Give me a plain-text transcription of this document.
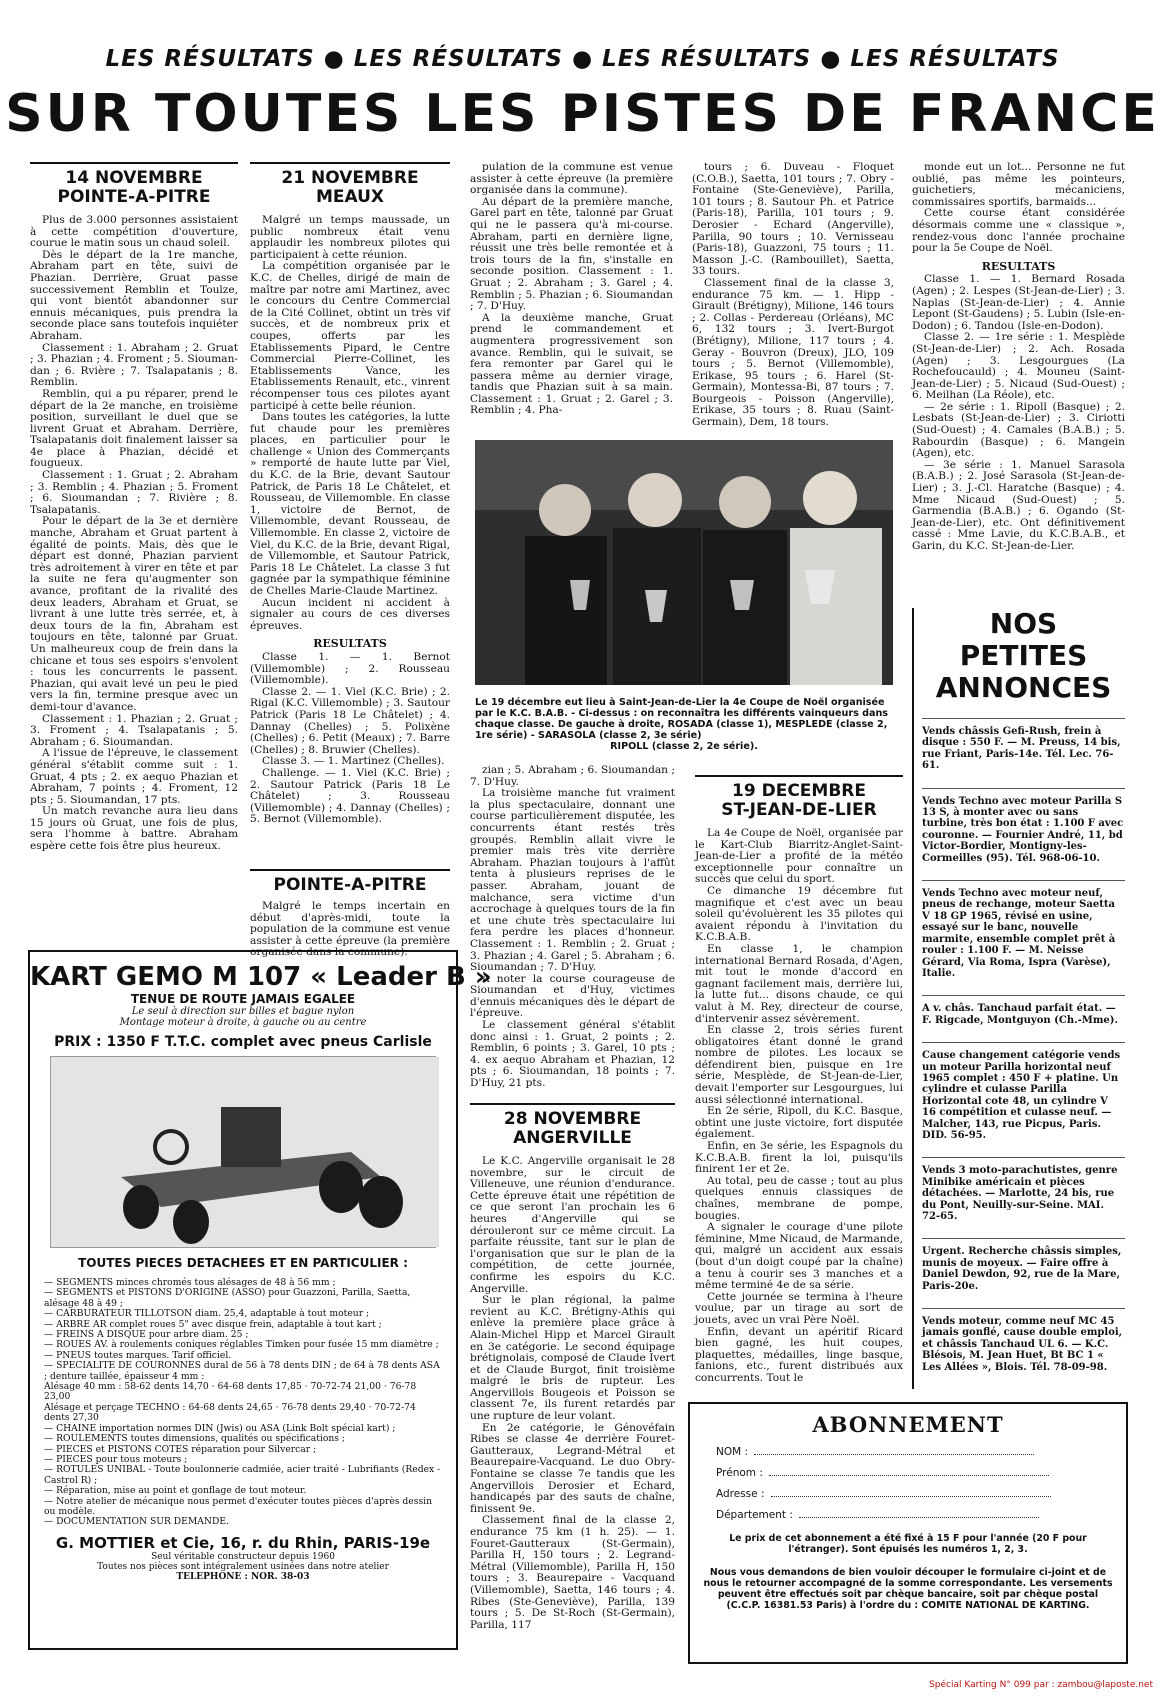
LES RÉSULTATS ● LES RÉSULTATS ● LES RÉSULTATS ● LES RÉSULTATS
SUR TOUTES LES PISTES DE FRANCE
14 NOVEMBRE
POINTE-A-PITRE

Plus de 3.000 personnes assistaient à cette compétition d'ouverture, courue le matin sous un chaud soleil.

Dès le départ de la 1re manche, Abraham part en tête, suivi de Phazian. Derrière, Gruat passe successivement Remblin et Toulze, qui vont bientôt abandonner sur ennuis mécaniques, puis prendra la seconde place sans toutefois inquiéter Abraham.

Classement : 1. Abraham ; 2. Gruat ; 3. Phazian ; 4. Froment ; 5. Sioumandan ; 6. Rvière ; 7. Tsalapatanis ; 8. Remblin.

Remblin, qui a pu réparer, prend le départ de la 2e manche, en troisième position, surveillant le duel que se livrent Gruat et Abraham. Derrière, Tsalapatanis doit finalement laisser sa 4e place à Phazian, décidé et fougueux.

Classement : 1. Gruat ; 2. Abraham ; 3. Remblin ; 4. Phazian ; 5. Froment ; 6. Sioumandan ; 7. Rivière ; 8. Tsalapatanis.

Pour le départ de la 3e et dernière manche, Abraham et Gruat partent à égalité de points. Mais, dès que le départ est donné, Phazian parvient très adroitement à virer en tête et par la suite ne fera qu'augmenter son avance, profitant de la rivalité des deux leaders, Abraham et Gruat, se livrant à une lutte très serrée, et, à deux tours de la fin, Abraham est toujours en tête, talonné par Gruat. Un malheureux coup de frein dans la chicane et tous ses espoirs s'envolent : tous les concurrents le passent. Phazian, qui avait levé un peu le pied vers la fin, termine presque avec un demi-tour d'avance.

Classement : 1. Phazian ; 2. Gruat ; 3. Froment ; 4. Tsalapatanis ; 5. Abraham ; 6. Sioumandan.

A l'issue de l'épreuve, le classement général s'établit comme suit : 1. Gruat, 4 pts ; 2. ex aequo Phazian et Abraham, 7 points ; 4. Froment, 12 pts ; 5. Sioumandan, 17 pts.

Un match revanche aura lieu dans 15 jours où Gruat, une fois de plus, sera l'homme à battre. Abraham espère cette fois être plus heureux.

21 NOVEMBRE
MEAUX

Malgré un temps maussade, un public nombreux était venu applaudir les nombreux pilotes qui participaient à cette réunion.

La compétition organisée par le K.C. de Chelles, dirigé de main de maître par notre ami Martinez, avec le concours du Centre Commercial de la Cité Collinet, obtint un très vif succès, et de nombreux prix et coupes, offerts par les Etablissements Pipard, le Centre Commercial Pierre-Collinet, les Etablissements Vance, les Etablissements Renault, etc., vinrent récompenser tous ces pilotes ayant participé à cette belle réunion.

Dans toutes les catégories, la lutte fut chaude pour les premières places, en particulier pour le challenge « Union des Commerçants » remporté de haute lutte par Viel, du K.C. de la Brie, devant Sautour Patrick, de Paris 18 Le Châtelet, et Rousseau, de Villemomble. En classe 1, victoire de Bernot, de Villemomble, devant Rousseau, de Villemomble. En classe 2, victoire de Viel, du K.C. de la Brie, devant Rigal, de Villemomble, et Sautour Patrick, Paris 18 Le Châtelet. La classe 3 fut gagnée par la sympathique féminine de Chelles Marie-Claude Martinez.

Aucun incident ni accident à signaler au cours de ces diverses épreuves.

RESULTATS

Classe 1. — 1. Bernot (Villemomble) ; 2. Rousseau (Villemomble).

Classe 2. — 1. Viel (K.C. Brie) ; 2. Rigal (K.C. Villemomble) ; 3. Sautour Patrick (Paris 18 Le Châtelet) ; 4. Dannay (Chelles) ; 5. Polixène (Chelles) ; 6. Petit (Meaux) ; 7. Barre (Chelles) ; 8. Bruwier (Chelles).

Classe 3. — 1. Martinez (Chelles).

Challenge. — 1. Viel (K.C. Brie) ; 2. Sautour Patrick (Paris 18 Le Châtelet) ; 3. Rousseau (Villemomble) ; 4. Dannay (Chelles) ; 5. Bernot (Villemomble).

POINTE-A-PITRE

Malgré le temps incertain en début d'après-midi, toute la population de la commune est venue assister à cette épreuve (la première organisée dans la commune).

pulation de la commune est venue assister à cette épreuve (la première organisée dans la commune).

Au départ de la première manche, Garel part en tête, talonné par Gruat qui ne le passera qu'à mi-course. Abraham, parti en dernière ligne, réussit une très belle remontée et à trois tours de la fin, s'installe en seconde position. Classement : 1. Gruat ; 2. Abraham ; 3. Garel ; 4. Remblin ; 5. Phazian ; 6. Sioumandan ; 7. D'Huy.

A la deuxième manche, Gruat prend le commandement et augmentera progressivement son avance. Remblin, qui le suivait, se fera remonter par Garel qui le passera même au dernier virage, tandis que Phazian suit à sa main. Classement : 1. Gruat ; 2. Garel ; 3. Remblin ; 4. Pha-

tours ; 6. Duveau - Floquet (C.O.B.), Saetta, 101 tours ; 7. Obry - Fontaine (Ste-Geneviève), Parilla, 101 tours ; 8. Sautour Ph. et Patrice (Paris-18), Parilla, 101 tours ; 9. Derosier - Echard (Angerville), Parilla, 90 tours ; 10. Vernisseau (Paris-18), Guazzoni, 75 tours ; 11. Masson J.-C. (Rambouillet), Saetta, 33 tours.

Classement final de la classe 3, endurance 75 km. — 1. Hipp - Girault (Brétigny), Milione, 146 tours ; 2. Collas - Perdereau (Orléans), MC 6, 132 tours ; 3. Ivert-Burgot (Brétigny), Milione, 117 tours ; 4. Geray - Bouvron (Dreux), JLO, 109 tours ; 5. Bernot (Villemomble), Erikase, 95 tours ; 6. Harel (St-Germain), Montessa-Bi, 87 tours ; 7. Bourgeois - Poisson (Angerville), Erikase, 35 tours ; 8. Ruau (Saint-Germain), Dem, 18 tours.

monde eut un lot... Personne ne fut oublié, pas même les pointeurs, guichetiers, mécaniciens, commissaires sportifs, barmaids...

Cette course étant considérée désormais comme une « classique », rendez-vous donc l'année prochaine pour la 5e Coupe de Noël.

RESULTATS

Classe 1. — 1. Bernard Rosada (Agen) ; 2. Lespes (St-Jean-de-Lier) ; 3. Naplas (St-Jean-de-Lier) ; 4. Annie Lepont (St-Gaudens) ; 5. Lubin (Isle-en-Dodon) ; 6. Tandou (Isle-en-Dodon).

Classe 2. — 1re série : 1. Mesplède (St-Jean-de-Lier) ; 2. Ach. Rosada (Agen) ; 3. Lesgourgues (La Rochefoucauld) ; 4. Mouneu (Saint-Jean-de-Lier) ; 5. Nicaud (Sud-Ouest) ; 6. Meilhan (La Réole), etc.

— 2e série : 1. Ripoll (Basque) ; 2. Lesbats (St-Jean-de-Lier) ; 3. Ciriotti (Sud-Ouest) ; 4. Camales (B.A.B.) ; 5. Rabourdin (Basque) ; 6. Mangein (Agen), etc.

— 3e série : 1. Manuel Sarasola (B.A.B.) ; 2. José Sarasola (St-Jean-de-Lier) ; 3. J.-Cl. Haratche (Basque) ; 4. Mme Nicaud (Sud-Ouest) ; 5. Garmendia (B.A.B.) ; 6. Ogando (St-Jean-de-Lier), etc. Ont définitivement cassé : Mme Lavie, du K.C.B.A.B., et Garin, du K.C. St-Jean-de-Lier.

Le 19 décembre eut lieu à Saint-Jean-de-Lier la 4e Coupe de Noël organisée par le K.C. B.A.B. - Ci-dessus : on reconnaîtra les différents vainqueurs dans chaque classe. De gauche à droite, ROSADA (classe 1), MESPLEDE (classe 2, 1re série) - SARASOLA (classe 2, 3e série)
RIPOLL (classe 2, 2e série).

zian ; 5. Abraham ; 6. Sioumandan ; 7. D'Huy.

La troisième manche fut vraiment la plus spectaculaire, donnant une course particulièrement disputée, les concurrents étant restés très groupés. Remblin allait vivre le premier mais très vite derrière Abraham. Phazian toujours à l'affût tenta à plusieurs reprises de le passer. Abraham, jouant de malchance, sera victime d'un accrochage à quelques tours de la fin et une chute très spectaculaire lui fera perdre les places d'honneur. Classement : 1. Remblin ; 2. Gruat ; 3. Phazian ; 4. Garel ; 5. Abraham ; 6. Sioumandan ; 7. D'Huy.

A noter la course courageuse de Sioumandan et d'Huy, victimes d'ennuis mécaniques dès le départ de l'épreuve.

Le classement général s'établit donc ainsi : 1. Gruat, 2 points ; 2. Remblin, 6 points ; 3. Garel, 10 pts ; 4. ex aequo Abraham et Phazian, 12 pts ; 6. Sioumandan, 18 points ; 7. D'Huy, 21 pts.

28 NOVEMBRE
ANGERVILLE

Le K.C. Angerville organisait le 28 novembre, sur le circuit de Villeneuve, une réunion d'endurance. Cette épreuve était une répétition de ce que seront l'an prochain les 6 heures d'Angerville qui se dérouleront sur ce même circuit. La parfaite réussite, tant sur le plan de l'organisation que sur le plan de la compétition, de cette journée, confirme les espoirs du K.C. Angerville.

Sur le plan régional, la palme revient au K.C. Brétigny-Athis qui enlève la première place grâce à Alain-Michel Hipp et Marcel Girault en 3e catégorie. Le second équipage brétignolais, composé de Claude Ivert et de Claude Burgot, finit troisième malgré le bris de rupteur. Les Angervillois Bougeois et Poisson se classent 7e, ils furent retardés par une rupture de leur volant.

En 2e catégorie, le Génovéfain Ribes se classe 4e derrière Fouret-Gautteraux, Legrand-Métral et Beaurepaire-Vacquand. Le duo Obry-Fontaine se classe 7e tandis que les Angervillois Derosier et Echard, handicapés par des sauts de chaîne, finissent 9e.

Classement final de la classe 2, endurance 75 km (1 h. 25). — 1. Fouret-Gautteraux (St-Germain), Parilla H, 150 tours ; 2. Legrand-Métral (Villemomble), Parilla H, 150 tours ; 3. Beaurepaire - Vacquand (Villemomble), Saetta, 146 tours ; 4. Ribes (Ste-Geneviève), Parilla, 139 tours ; 5. De St-Roch (St-Germain), Parilla, 117

19 DECEMBRE
ST-JEAN-DE-LIER

La 4e Coupe de Noël, organisée par le Kart-Club Biarritz-Anglet-Saint-Jean-de-Lier a profité de la météo exceptionnelle pour connaître un succès que celui du sport.

Ce dimanche 19 décembre fut magnifique et c'est avec un beau soleil qu'évoluèrent les 35 pilotes qui avaient répondu à l'invitation du K.C.B.A.B.

En classe 1, le champion international Bernard Rosada, d'Agen, mit tout le monde d'accord en gagnant facilement mais, derrière lui, la lutte fut... disons chaude, ce qui valut à M. Rey, directeur de course, d'intervenir assez sévèrement.

En classe 2, trois séries furent obligatoires étant donné le grand nombre de pilotes. Les locaux se défendirent bien, puisque en 1re série, Mesplède, de St-Jean-de-Lier, devait l'emporter sur Lesgourgues, lui aussi sélectionné international.

En 2e série, Ripoll, du K.C. Basque, obtint une juste victoire, fort disputée également.

Enfin, en 3e série, les Espagnols du K.C.B.A.B. firent la loi, puisqu'ils finirent 1er et 2e.

Au total, peu de casse ; tout au plus quelques ennuis classiques de chaînes, membrane de pompe, bougies.

A signaler le courage d'une pilote féminine, Mme Nicaud, de Marmande, qui, malgré un accident aux essais (bout d'un doigt coupé par la chaîne) a tenu à courir ses 3 manches et a même terminé 4e de sa série.

Cette journée se termina à l'heure voulue, par un tirage au sort de jouets, avec un vrai Père Noël.

Enfin, devant un apéritif Ricard bien gagné, les huit coupes, plaquettes, médailles, linge basque, fanions, etc., furent distribués aux concurrents. Tout le

KART GEMO M 107 « Leader B »
TENUE DE ROUTE JAMAIS EGALEE
Le seul à direction sur billes et bague nylon
Montage moteur à droite, à gauche ou au centre
PRIX : 1350 F T.T.C. complet avec pneus Carlisle
TOUTES PIECES DETACHEES ET EN PARTICULIER :
— SEGMENTS minces chromés tous alésages de 48 à 56 mm ;
— SEGMENTS et PISTONS D'ORIGINE (ASSO) pour Guazzoni, Parilla, Saetta, alésage 48 à 49 ;
— CARBURATEUR TILLOTSON diam. 25,4, adaptable à tout moteur ;
— ARBRE AR complet roues 5" avec disque frein, adaptable à tout kart ;
— FREINS A DISQUE pour arbre diam. 25 ;
— ROUES AV. à roulements coniques réglables Timken pour fusée 15 mm diamètre ;
— PNEUS toutes marques. Tarif officiel.
— SPECIALITE DE COURONNES dural de 56 à 78 dents DIN ; de 64 à 78 dents ASA ; denture taillée, épaisseur 4 mm :
Alésage 40 mm : 58-62 dents 14,70 · 64-68 dents 17,85 · 70-72-74 21,00 · 76-78 23,00
Alésage et perçage TECHNO : 64-68 dents 24,65 · 76-78 dents 29,40 · 70-72-74 dents 27,30
— CHAINE importation normes DIN (Jwis) ou ASA (Link Bolt spécial kart) ;
— ROULEMENTS toutes dimensions, qualités ou spécifications ;
— PIECES et PISTONS COTES réparation pour Silvercar ;
— PIECES pour tous moteurs ;
— ROTULES UNIBAL - Toute boulonnerie cadmiée, acier traité - Lubrifiants (Redex - Castrol R) ;
— Réparation, mise au point et gonflage de tout moteur.
— Notre atelier de mécanique nous permet d'exécuter toutes pièces d'après dessin ou modèle.
— DOCUMENTATION SUR DEMANDE.
G. MOTTIER et Cie, 16, r. du Rhin, PARIS-19e
Seul véritable constructeur depuis 1960
Toutes nos pièces sont intégralement usinées dans notre atelier
TELEPHONE : NOR. 38-03
NOS PETITES
ANNONCES
Vends châssis Gefi-Rush, frein à disque : 550 F. — M. Preuss, 14 bis, rue Friant, Paris-14e. Tél. Lec. 76-61.
Vends Techno avec moteur Parilla S 13 S, à monter avec ou sans turbine, très bon état : 1.100 F avec couronne. — Fournier André, 11, bd Victor-Bordier, Montigny-les-Cormeilles (95). Tél. 968-06-10.
Vends Techno avec moteur neuf, pneus de rechange, moteur Saetta V 18 GP 1965, révisé en usine, essayé sur le banc, nouvelle marmite, ensemble complet prêt à rouler : 1.100 F. — M. Neisse Gérard, Via Roma, Ispra (Varèse), Italie.
A v. châs. Tanchaud parfait état. — F. Rigcade, Montguyon (Ch.-Mme).
Cause changement catégorie vends un moteur Parilla horizontal neuf 1965 complet : 450 F + platine. Un cylindre et culasse Parilla Horizontal cote 48, un cylindre V 16 compétition et culasse neuf. — Malcher, 143, rue Picpus, Paris. DID. 56-95.
Vends 3 moto-parachutistes, genre Minibike américain et pièces détachées. — Marlotte, 24 bis, rue du Pont, Neuilly-sur-Seine. MAI. 72-65.
Urgent. Recherche châssis simples, munis de moyeux. — Faire offre à Daniel Dewdon, 92, rue de la Mare, Paris-20e.
Vends moteur, comme neuf MC 45 jamais gonflé, cause double emploi, et châssis Tanchaud UL 6. — K.C. Blésois, M. Jean Huet, Bt BC 1 « Les Allées », Blois. Tél. 78-09-98.
ABONNEMENT
NOM :
Prénom :
Adresse :
Département :
Le prix de cet abonnement a été fixé à 15 F pour l'année (20 F pour l'étranger). Sont épuisés les numéros 1, 2, 3.
Nous vous demandons de bien vouloir découper le formulaire ci-joint et de nous le retourner accompagné de la somme correspondante. Les versements peuvent être effectués soit par chèque bancaire, soit par chèque postal (C.C.P. 16381.53 Paris) à l'ordre du : COMITE NATIONAL DE KARTING.
Spécial Karting N° 099 par : zambou@laposte.net
